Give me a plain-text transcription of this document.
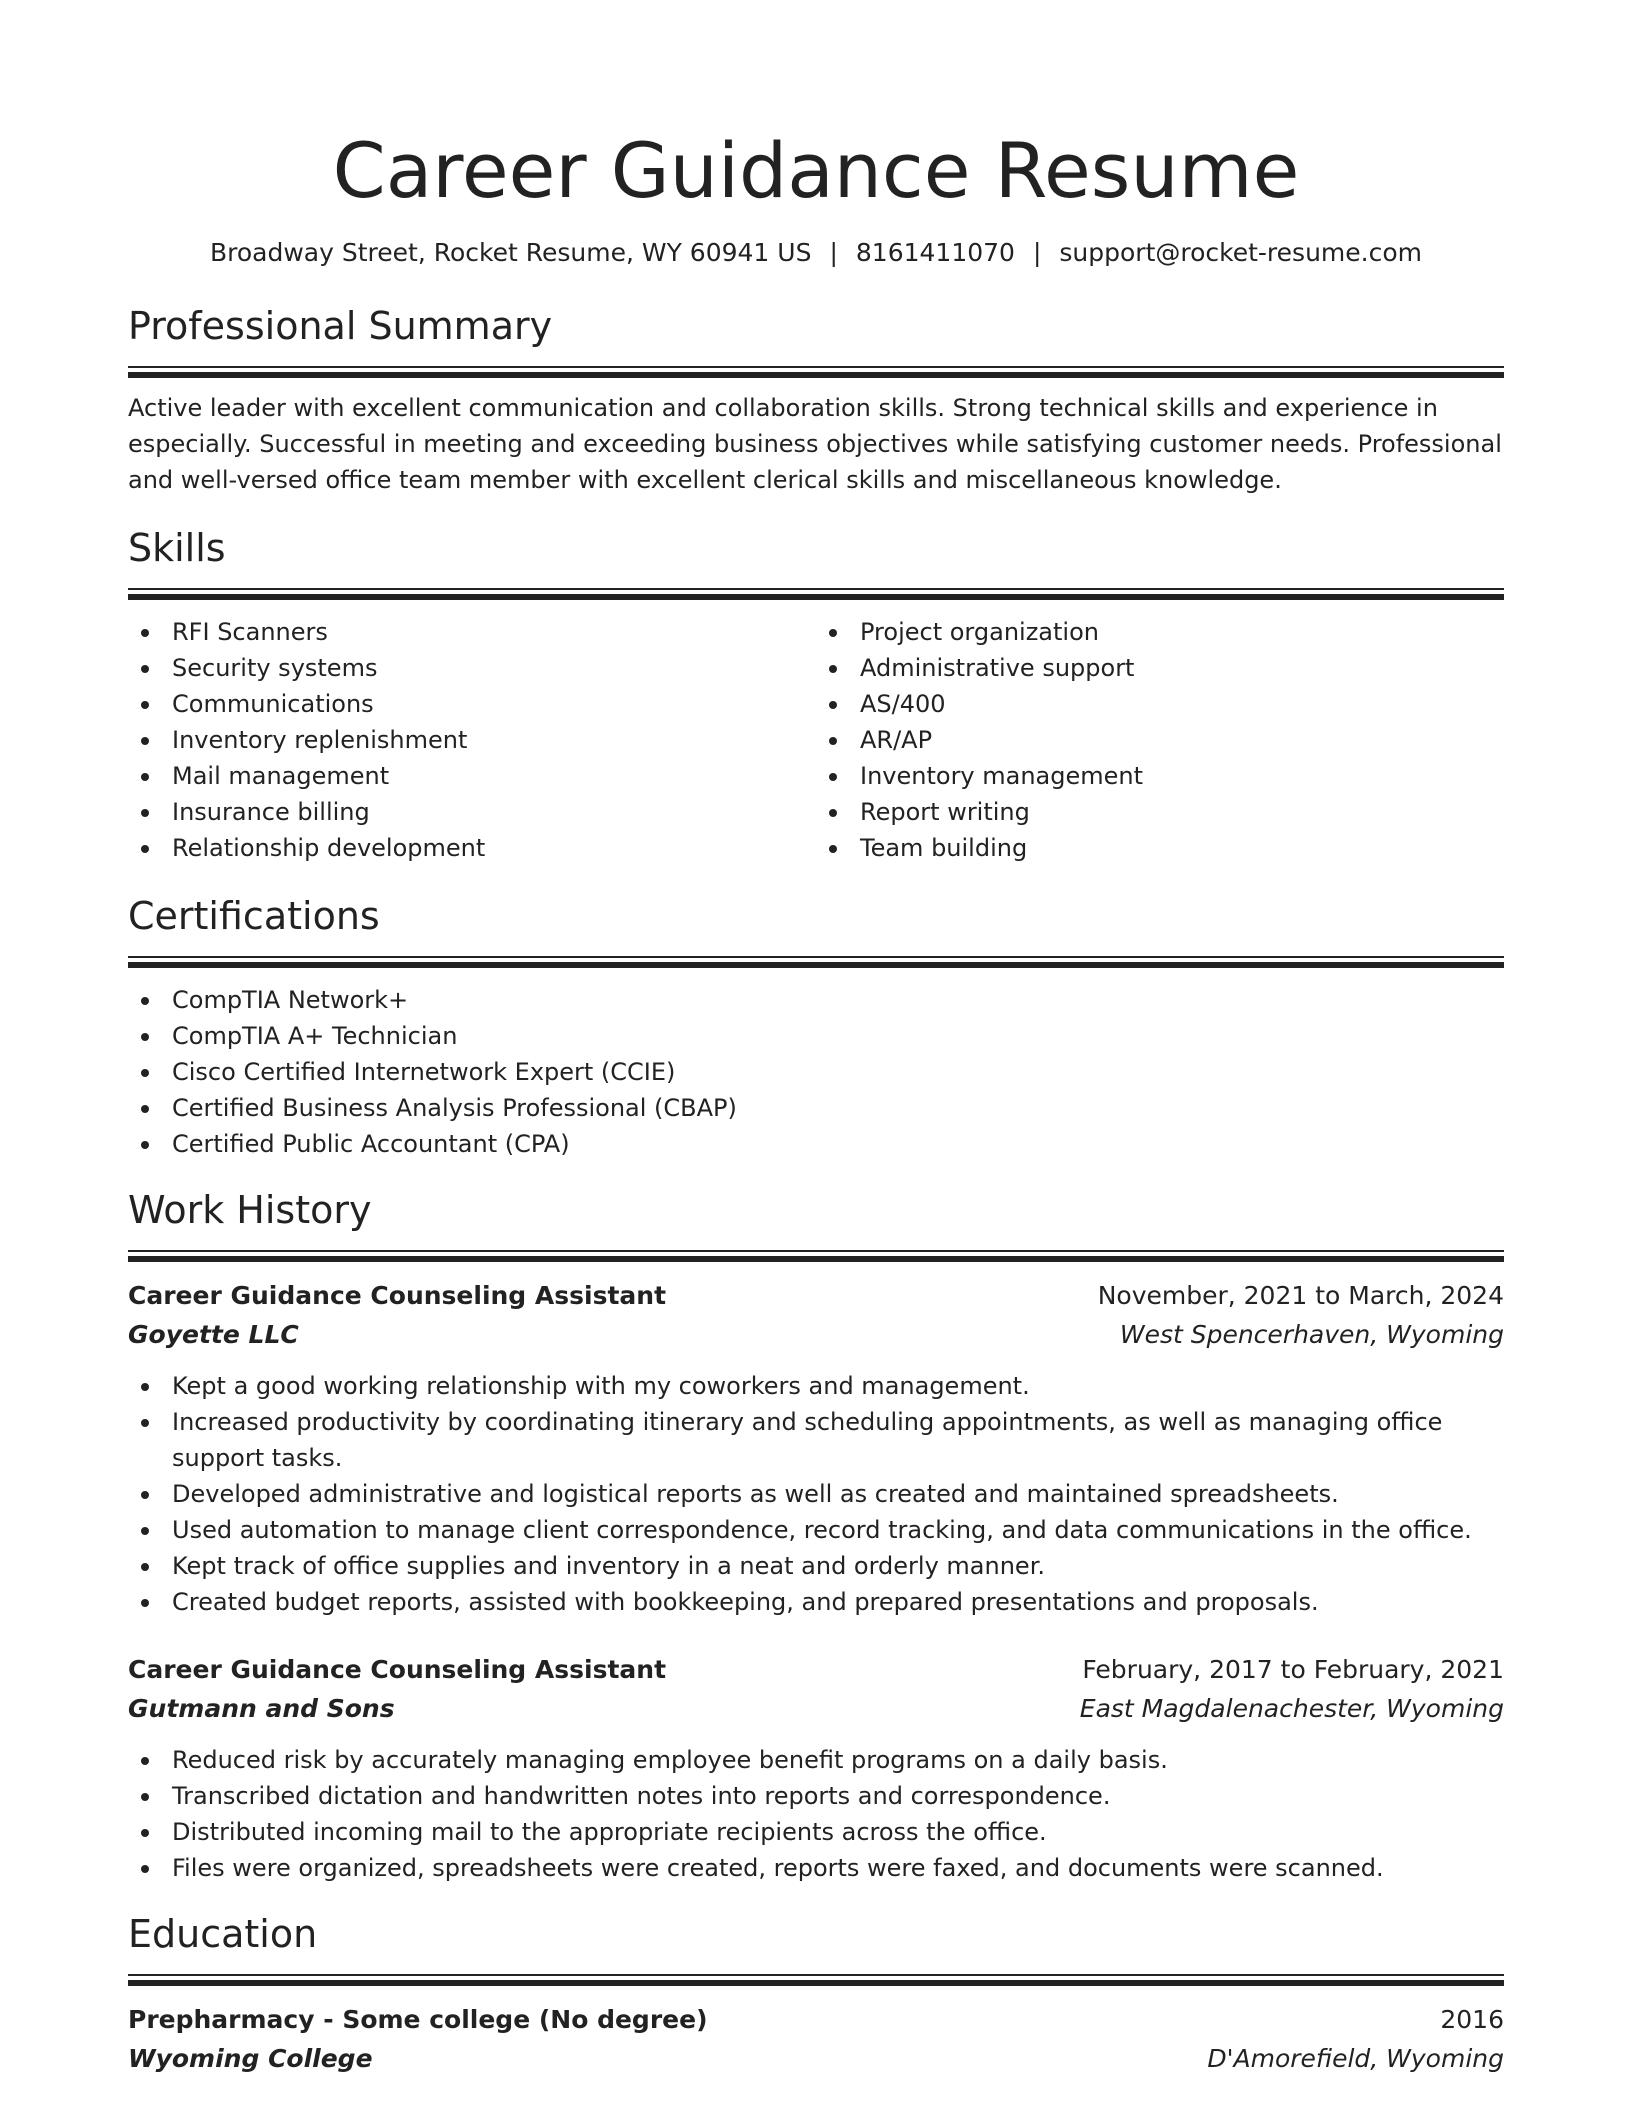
Career Guidance Resume
Broadway Street, Rocket Resume, WY 60941 US | 8161411070 | support@rocket-resume.com
Professional Summary
Active leader with excellent communication and collaboration skills. Strong technical skills and experience in especially. Successful in meeting and exceeding business objectives while satisfying customer needs. Professional and well-versed office team member with excellent clerical skills and miscellaneous knowledge.
Skills
RFI Scanners
Security systems
Communications
Inventory replenishment
Mail management
Insurance billing
Relationship development
Project organization
Administrative support
AS/400
AR/AP
Inventory management
Report writing
Team building
Certifications
CompTIA Network+
CompTIA A+ Technician
Cisco Certified Internetwork Expert (CCIE)
Certified Business Analysis Professional (CBAP)
Certified Public Accountant (CPA)
Work History
Career Guidance Counseling Assistant	November, 2021 to March, 2024
Goyette LLC	West Spencerhaven, Wyoming
Kept a good working relationship with my coworkers and management.
Increased productivity by coordinating itinerary and scheduling appointments, as well as managing office support tasks.
Developed administrative and logistical reports as well as created and maintained spreadsheets.
Used automation to manage client correspondence, record tracking, and data communications in the office.
Kept track of office supplies and inventory in a neat and orderly manner.
Created budget reports, assisted with bookkeeping, and prepared presentations and proposals.
Career Guidance Counseling Assistant	February, 2017 to February, 2021
Gutmann and Sons	East Magdalenachester, Wyoming
Reduced risk by accurately managing employee benefit programs on a daily basis.
Transcribed dictation and handwritten notes into reports and correspondence.
Distributed incoming mail to the appropriate recipients across the office.
Files were organized, spreadsheets were created, reports were faxed, and documents were scanned.
Education
Prepharmacy - Some college (No degree)	2016
Wyoming College	D'Amorefield, Wyoming
